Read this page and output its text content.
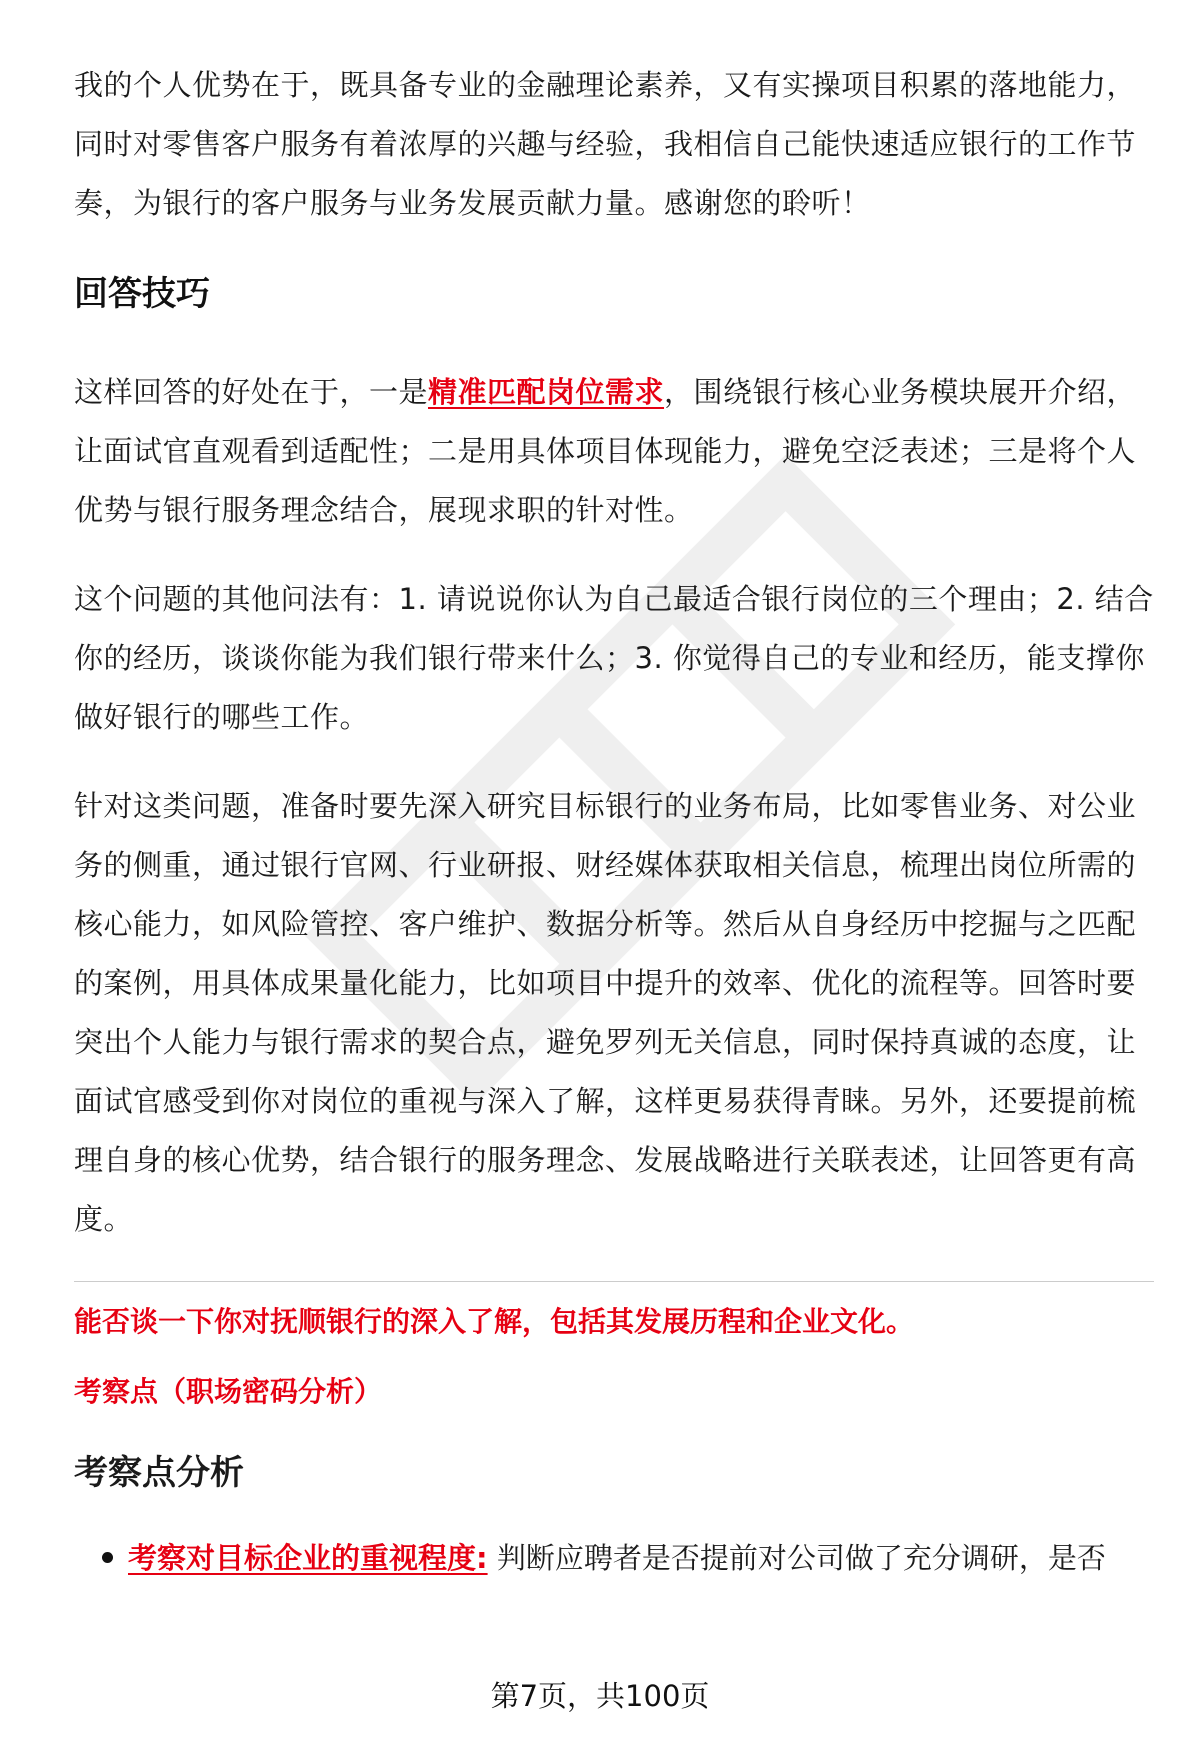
我的个人优势在于，既具备专业的金融理论素养，又有实操项目积累的落地能力，同时对零售客户服务有着浓厚的兴趣与经验，我相信自己能快速适应银行的工作节奏，为银行的客户服务与业务发展贡献力量。感谢您的聆听！

回答技巧

这样回答的好处在于，一是精准匹配岗位需求，围绕银行核心业务模块展开介绍，让面试官直观看到适配性；二是用具体项目体现能力，避免空泛表述；三是将个人优势与银行服务理念结合，展现求职的针对性。

这个问题的其他问法有：1. 请说说你认为自己最适合银行岗位的三个理由；2. 结合你的经历，谈谈你能为我们银行带来什么；3. 你觉得自己的专业和经历，能支撑你做好银行的哪些工作。

针对这类问题，准备时要先深入研究目标银行的业务布局，比如零售业务、对公业务的侧重，通过银行官网、行业研报、财经媒体获取相关信息，梳理出岗位所需的核心能力，如风险管控、客户维护、数据分析等。然后从自身经历中挖掘与之匹配的案例，用具体成果量化能力，比如项目中提升的效率、优化的流程等。回答时要突出个人能力与银行需求的契合点，避免罗列无关信息，同时保持真诚的态度，让面试官感受到你对岗位的重视与深入了解，这样更易获得青睐。另外，还要提前梳理自身的核心优势，结合银行的服务理念、发展战略进行关联表述，让回答更有高度。

能否谈一下你对抚顺银行的深入了解，包括其发展历程和企业文化。
考察点（职场密码分析）
考察点分析
考察对目标企业的重视程度: 判断应聘者是否提前对公司做了充分调研，是否
第7页，共100页
